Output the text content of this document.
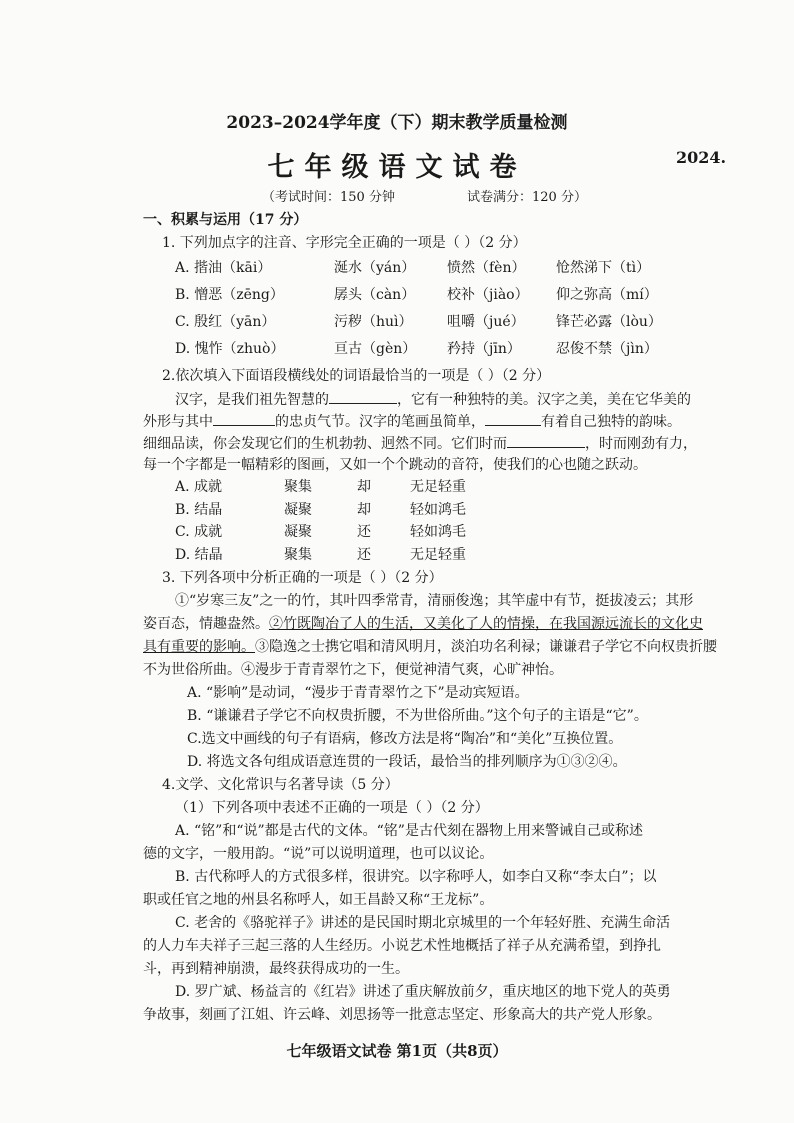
2023–2024学年度（下）期末教学质量检测
七年级语文试卷	2024.
（考试时间：150 分钟	试卷满分：120 分）
一、积累与运用（17 分）
1. 下列加点字的注音、字形完全正确的一项是（ ）（2 分）
A. 揩油（kāi）	涎水（yán） 愤然（fèn） 怆然涕下（tì）
B. 憎恶（zēng）	孱头（càn） 校补（jiào） 仰之弥高（mí）
C. 殷红（yān）	污秽（huì） 咀嚼（jué） 锋芒必露（lòu）
D. 愧怍（zhuò）	亘古（gèn） 矜持（jīn）	忍俊不禁（jìn）
2.依次填入下面语段横线处的词语最恰当的一项是（ ）（2 分）
汉字，是我们祖先智慧的	，它有一种独特的美。汉字之美，美在它华美的
外形与其中	的忠贞气节。汉字的笔画虽简单，	有着自己独特的韵味。
细细品读，你会发现它们的生机勃勃、迥然不同。它们时而	，时而刚劲有力，
每一个字都是一幅精彩的图画，又如一个个跳动的音符，使我们的心也随之跃动。
A. 成就	聚集	却	无足轻重
B. 结晶	凝聚	却	轻如鸿毛
C. 成就	凝聚	还	轻如鸿毛
D. 结晶	聚集	还	无足轻重
3. 下列各项中分析正确的一项是（ ）（2 分）
①“岁寒三友”之一的竹，其叶四季常青，清丽俊逸；其竿虚中有节，挺拔凌云；其形
姿百态，情趣盎然。②竹既陶冶了人的生活，又美化了人的情操，在我国源远流长的文化史
具有重要的影响。③隐逸之士携它唱和清风明月，淡泊功名利禄；谦谦君子学它不向权贵折腰
不为世俗所曲。④漫步于青青翠竹之下，便觉神清气爽，心旷神怡。
A. “影响”是动词，“漫步于青青翠竹之下”是动宾短语。
B. “谦谦君子学它不向权贵折腰，不为世俗所曲。”这个句子的主语是“它”。
C.选文中画线的句子有语病，修改方法是将“陶冶”和“美化”互换位置。
D. 将选文各句组成语意连贯的一段话，最恰当的排列顺序为①③②④。
4.文学、文化常识与名著导读（5 分）
（1）下列各项中表述不正确的一项是（ ）（2 分）
A. “铭”和“说”都是古代的文体。“铭”是古代刻在器物上用来警诫自己或称述
德的文字，一般用韵。“说”可以说明道理，也可以议论。
B. 古代称呼人的方式很多样，很讲究。以字称呼人，如李白又称“李太白”；以
职或任官之地的州县名称呼人，如王昌龄又称“王龙标”。
C. 老舍的《骆驼祥子》讲述的是民国时期北京城里的一个年轻好胜、充满生命活
的人力车夫祥子三起三落的人生经历。小说艺术性地概括了祥子从充满希望，到挣扎
斗，再到精神崩溃，最终获得成功的一生。
D. 罗广斌、杨益言的《红岩》讲述了重庆解放前夕，重庆地区的地下党人的英勇
争故事，刻画了江姐、许云峰、刘思扬等一批意志坚定、形象高大的共产党人形象。
七年级语文试卷 第1页（共8页）
